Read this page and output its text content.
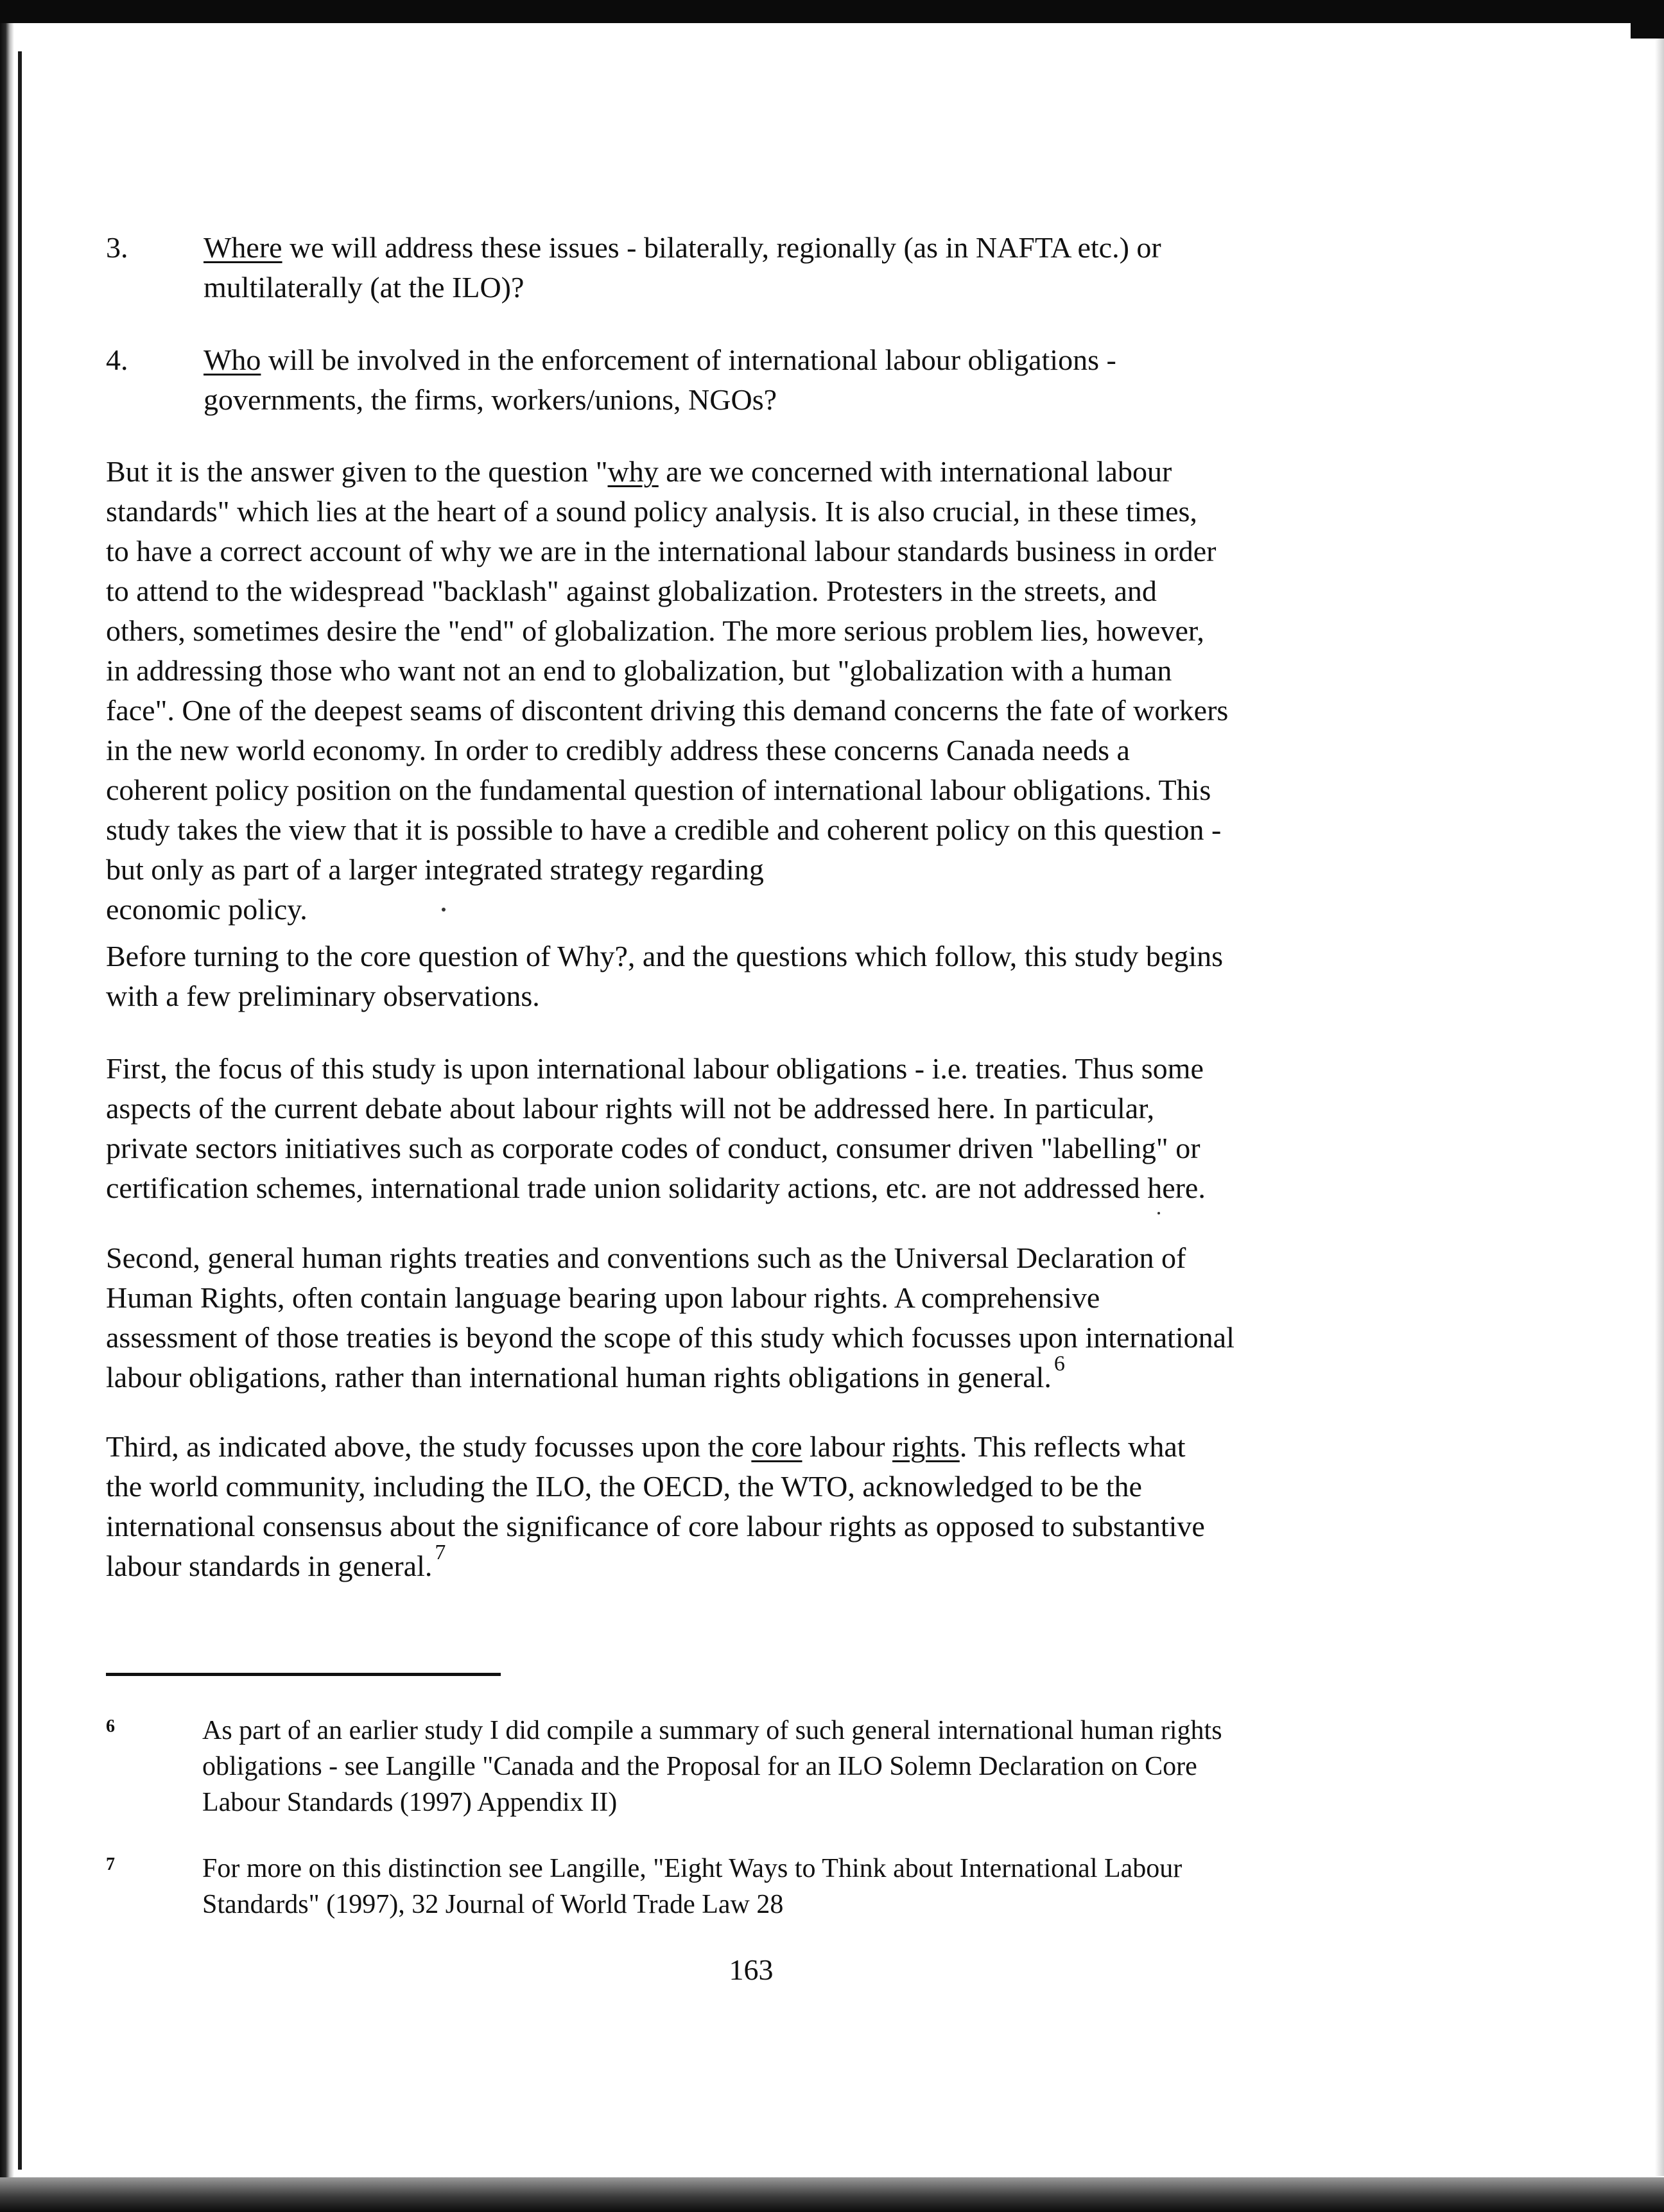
3.	Where we will address these issues - bilaterally, regionally (as in NAFTA etc.) or
multilaterally (at the ILO)?
4.	Who will be involved in the enforcement of international labour obligations -
governments, the firms, workers/unions, NGOs?
But it is the answer given to the question "why are we concerned with international labour
standards" which lies at the heart of a sound policy analysis. It is also crucial, in these times,
to have a correct account of why we are in the international labour standards business in order
to attend to the widespread "backlash" against globalization. Protesters in the streets, and
others, sometimes desire the "end" of globalization. The more serious problem lies, however,
in addressing those who want not an end to globalization, but "globalization with a human
face". One of the deepest seams of discontent driving this demand concerns the fate of workers
in the new world economy. In order to credibly address these concerns Canada needs a
coherent policy position on the fundamental question of international labour obligations. This
study takes the view that it is possible to have a credible and coherent policy on this question -
but only as part of a larger integrated strategy regarding
economic policy.
Before turning to the core question of Why?, and the questions which follow, this study begins
with a few preliminary observations.
First, the focus of this study is upon international labour obligations - i.e. treaties. Thus some
aspects of the current debate about labour rights will not be addressed here. In particular,
private sectors initiatives such as corporate codes of conduct, consumer driven "labelling" or
certification schemes, international trade union solidarity actions, etc. are not addressed here.
Second, general human rights treaties and conventions such as the Universal Declaration of
Human Rights, often contain language bearing upon labour rights. A comprehensive
assessment of those treaties is beyond the scope of this study which focusses upon international
labour obligations, rather than international human rights obligations in general. $^6$
Third, as indicated above, the study focusses upon the core labour rights. This reflects what
the world community, including the ILO, the OECD, the WTO, acknowledged to be the
international consensus about the significance of core labour rights as opposed to substantive
labour standards in general. $^7$
6	As part of an earlier study I did compile a summary of such general international human rights
obligations - see Langille "Canada and the Proposal for an ILO Solemn Declaration on Core
Labour Standards (1997) Appendix II)
7	For more on this distinction see Langille, "Eight Ways to Think about International Labour
Standards" (1997), 32 Journal of World Trade Law 28
163
